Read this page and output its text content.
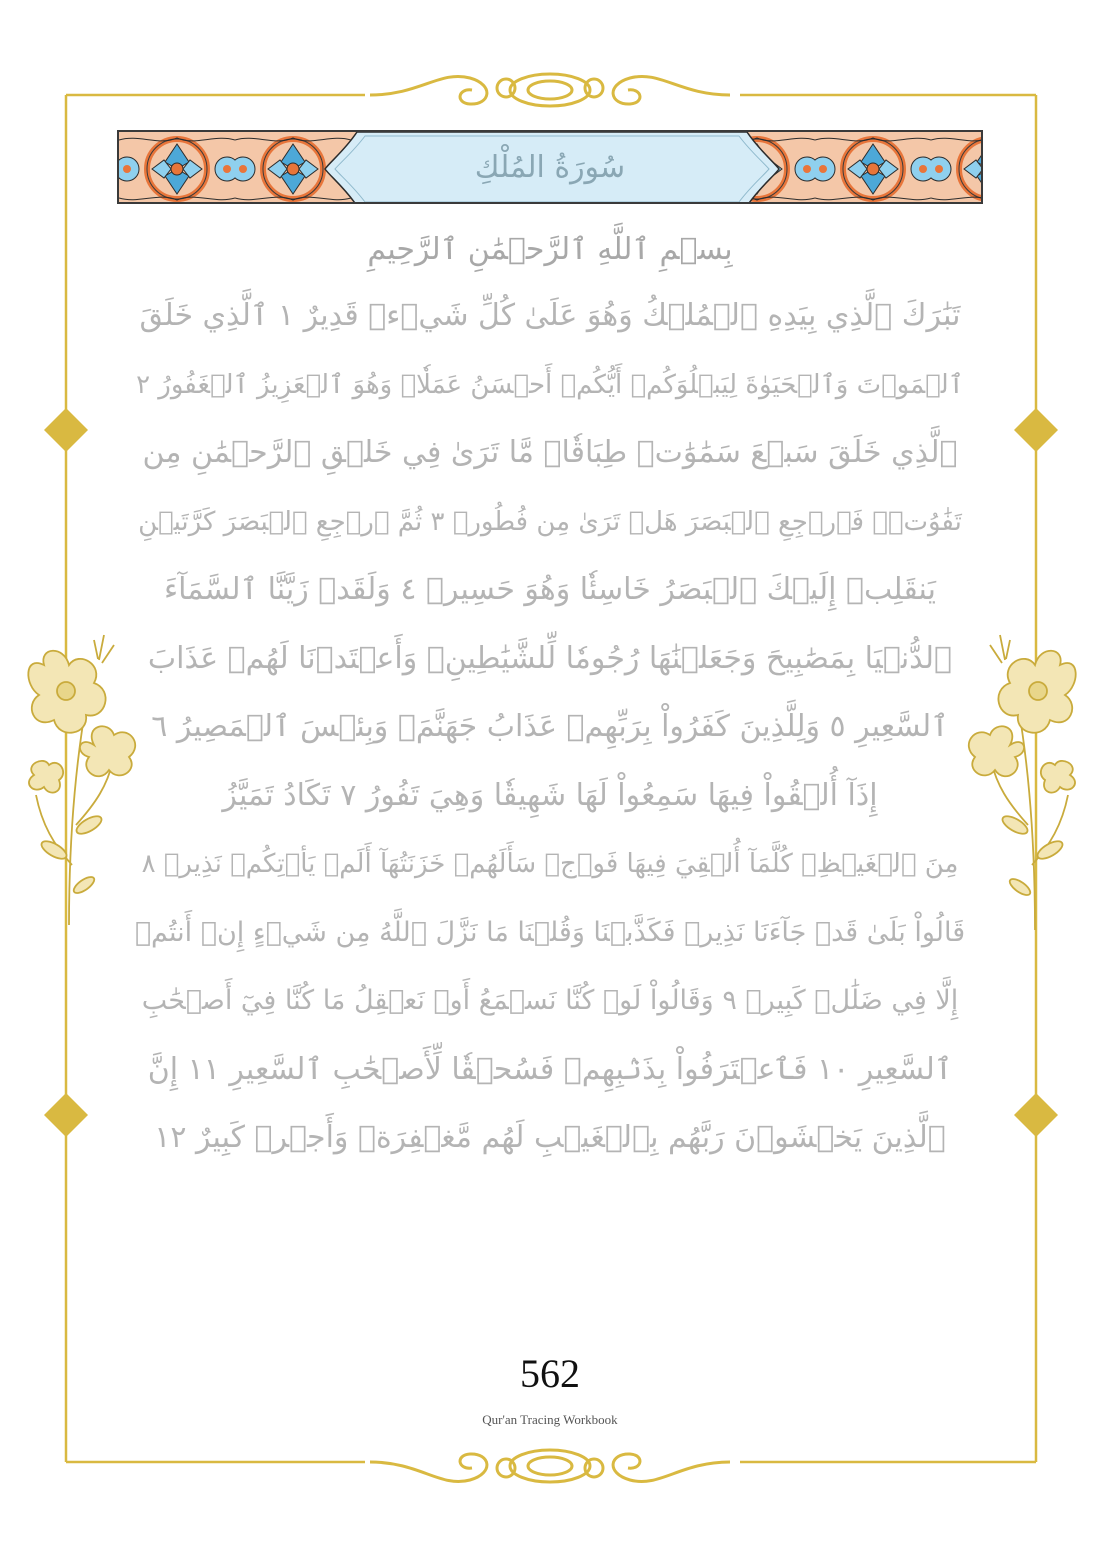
سُورَةُ المُلْكِ
بِسۡمِ ٱللَّهِ ٱلرَّحۡمَٰنِ ٱلرَّحِيمِ
تَبَٰرَكَ ٱلَّذِي بِيَدِهِ ٱلۡمُلۡكُ وَهُوَ عَلَىٰ كُلِّ شَيۡءٖ قَدِيرٌ ١ ٱلَّذِي خَلَقَ
ٱلۡمَوۡتَ وَٱلۡحَيَوٰةَ لِيَبۡلُوَكُمۡ أَيُّكُمۡ أَحۡسَنُ عَمَلٗاۚ وَهُوَ ٱلۡعَزِيزُ ٱلۡغَفُورُ ٢
ٱلَّذِي خَلَقَ سَبۡعَ سَمَٰوَٰتٖ طِبَاقٗاۖ مَّا تَرَىٰ فِي خَلۡقِ ٱلرَّحۡمَٰنِ مِن
تَفَٰوُتٖۖ فَٱرۡجِعِ ٱلۡبَصَرَ هَلۡ تَرَىٰ مِن فُطُورٖ ٣ ثُمَّ ٱرۡجِعِ ٱلۡبَصَرَ كَرَّتَيۡنِ
يَنقَلِبۡ إِلَيۡكَ ٱلۡبَصَرُ خَاسِئٗا وَهُوَ حَسِيرٞ ٤ وَلَقَدۡ زَيَّنَّا ٱلسَّمَآءَ
ٱلدُّنۡيَا بِمَصَٰبِيحَ وَجَعَلۡنَٰهَا رُجُومٗا لِّلشَّيَٰطِينِۖ وَأَعۡتَدۡنَا لَهُمۡ عَذَابَ
ٱلسَّعِيرِ ٥ وَلِلَّذِينَ كَفَرُواْ بِرَبِّهِمۡ عَذَابُ جَهَنَّمَۖ وَبِئۡسَ ٱلۡمَصِيرُ ٦
إِذَآ أُلۡقُواْ فِيهَا سَمِعُواْ لَهَا شَهِيقٗا وَهِيَ تَفُورُ ٧ تَكَادُ تَمَيَّزُ
مِنَ ٱلۡغَيۡظِۖ كُلَّمَآ أُلۡقِيَ فِيهَا فَوۡجٞ سَأَلَهُمۡ خَزَنَتُهَآ أَلَمۡ يَأۡتِكُمۡ نَذِيرٞ ٨
قَالُواْ بَلَىٰ قَدۡ جَآءَنَا نَذِيرٞ فَكَذَّبۡنَا وَقُلۡنَا مَا نَزَّلَ ٱللَّهُ مِن شَيۡءٍ إِنۡ أَنتُمۡ
إِلَّا فِي ضَلَٰلٖ كَبِيرٖ ٩ وَقَالُواْ لَوۡ كُنَّا نَسۡمَعُ أَوۡ نَعۡقِلُ مَا كُنَّا فِيٓ أَصۡحَٰبِ
ٱلسَّعِيرِ ١٠ فَٱعۡتَرَفُواْ بِذَنۢبِهِمۡ فَسُحۡقٗا لِّأَصۡحَٰبِ ٱلسَّعِيرِ ١١ إِنَّ
ٱلَّذِينَ يَخۡشَوۡنَ رَبَّهُم بِٱلۡغَيۡبِ لَهُم مَّغۡفِرَةٞ وَأَجۡرٞ كَبِيرٌ ١٢
562
Qur'an Tracing Workbook
